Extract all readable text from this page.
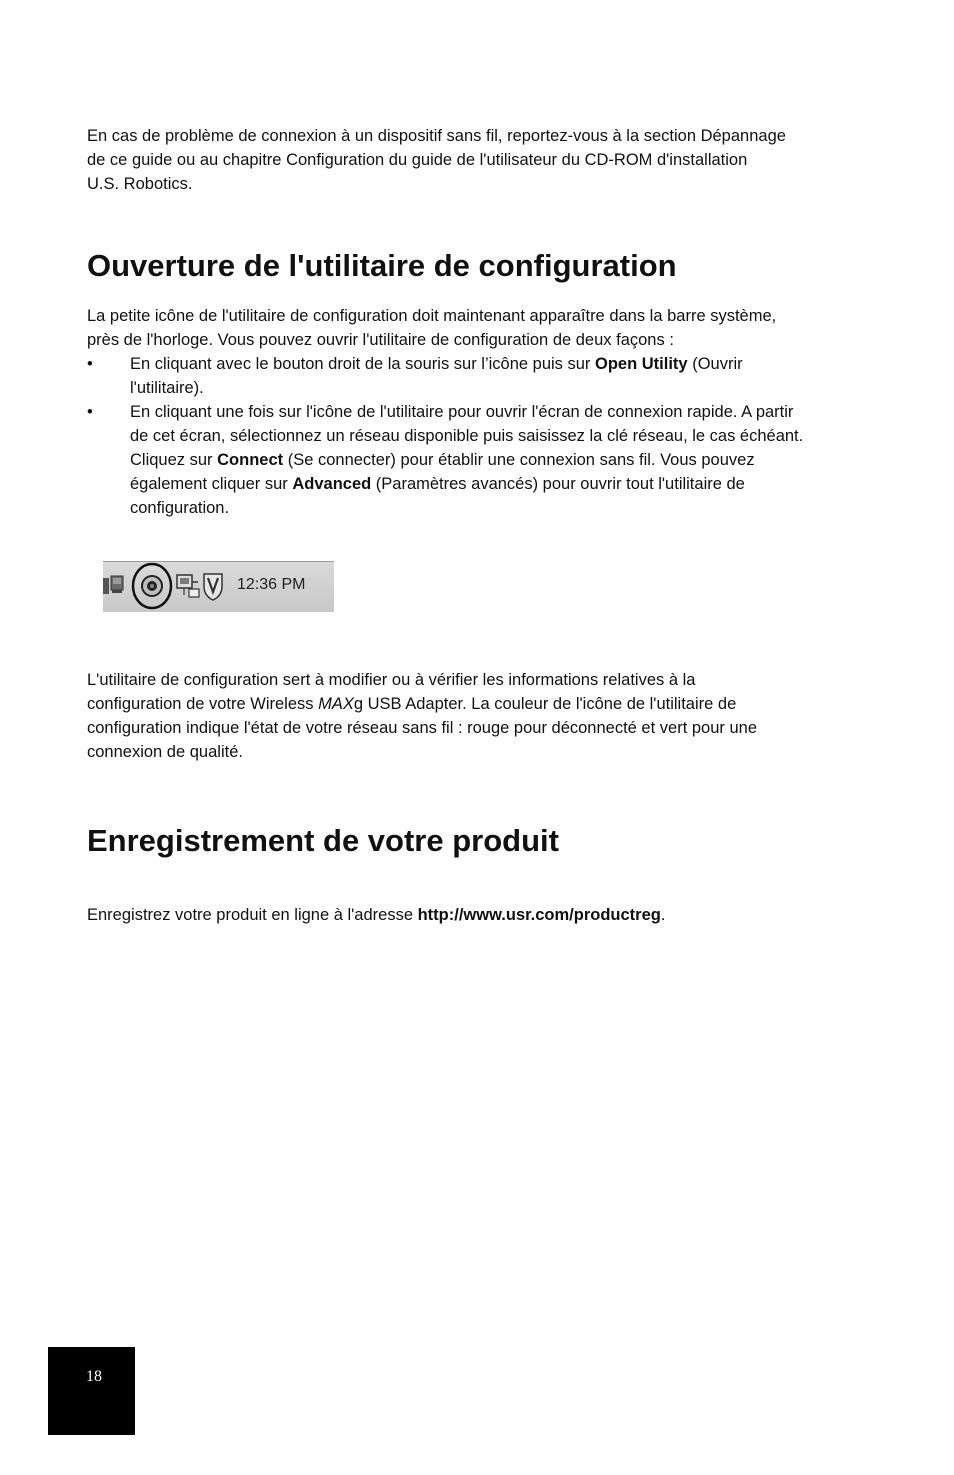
En cas de problème de connexion à un dispositif sans fil, reportez-vous à la section Dépannage
de ce guide ou au chapitre Configuration du guide de l'utilisateur du CD-ROM d'installation
U.S. Robotics.
Ouverture de l'utilitaire de configuration
La petite icône de l'utilitaire de configuration doit maintenant apparaître dans la barre système,
près de l'horloge. Vous pouvez ouvrir l'utilitaire de configuration de deux façons :
• En cliquant avec le bouton droit de la souris sur l’icône puis sur Open Utility (Ouvrir
l'utilitaire).
• En cliquant une fois sur l'icône de l'utilitaire pour ouvrir l'écran de connexion rapide. A partir
de cet écran, sélectionnez un réseau disponible puis saisissez la clé réseau, le cas échéant.
Cliquez sur Connect (Se connecter) pour établir une connexion sans fil. Vous pouvez
également cliquer sur Advanced (Paramètres avancés) pour ouvrir tout l'utilitaire de
configuration.
12:36 PM
L'utilitaire de configuration sert à modifier ou à vérifier les informations relatives à la
configuration de votre Wireless MAXg USB Adapter. La couleur de l'icône de l'utilitaire de
configuration indique l'état de votre réseau sans fil : rouge pour déconnecté et vert pour une
connexion de qualité.
Enregistrement de votre produit
Enregistrez votre produit en ligne à l'adresse http://www.usr.com/productreg.
18
